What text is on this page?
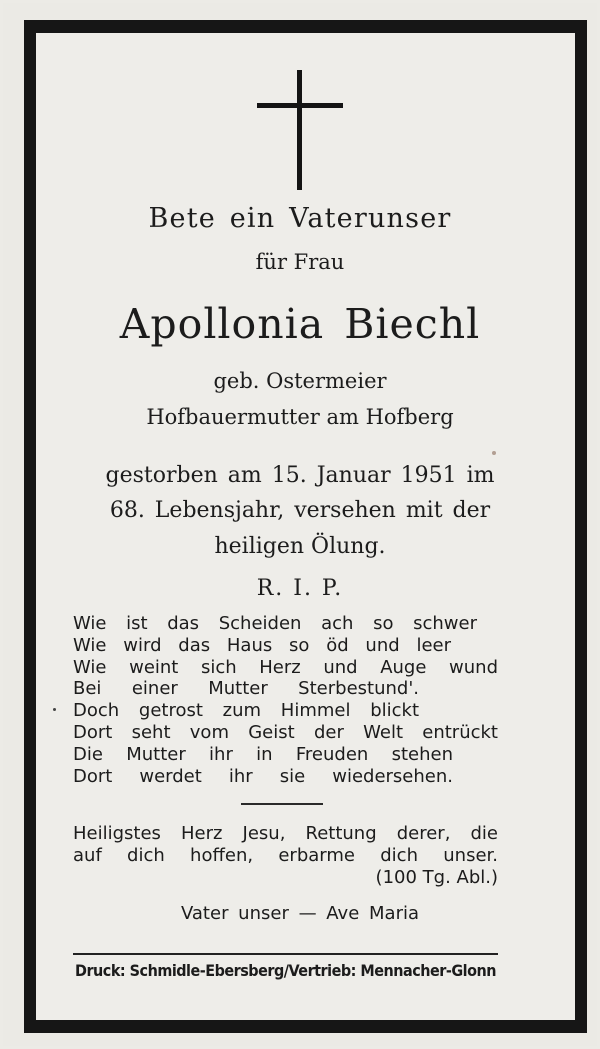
Bete ein Vaterunser
für Frau
Apollonia Biechl
geb. Ostermeier
Hofbauermutter am Hofberg
gestorben am 15. Januar 1951 im
68. Lebensjahr, versehen mit der
heiligen Ölung.
R. I. P.
Wie ist das Scheiden ach so schwer
Wie wird das Haus so öd und leer
Wie weint sich Herz und Auge wund
Bei einer Mutter Sterbestund'.
Doch getrost zum Himmel blickt
Dort seht vom Geist der Welt entrückt
Die Mutter ihr in Freuden stehen
Dort werdet ihr sie wiedersehen.
Heiligstes Herz Jesu, Rettung derer, die
auf dich hoffen, erbarme dich unser.
(100 Tg. Abl.)
Vater unser — Ave Maria
Druck: Schmidle-Ebersberg/Vertrieb: Mennacher-Glonn
